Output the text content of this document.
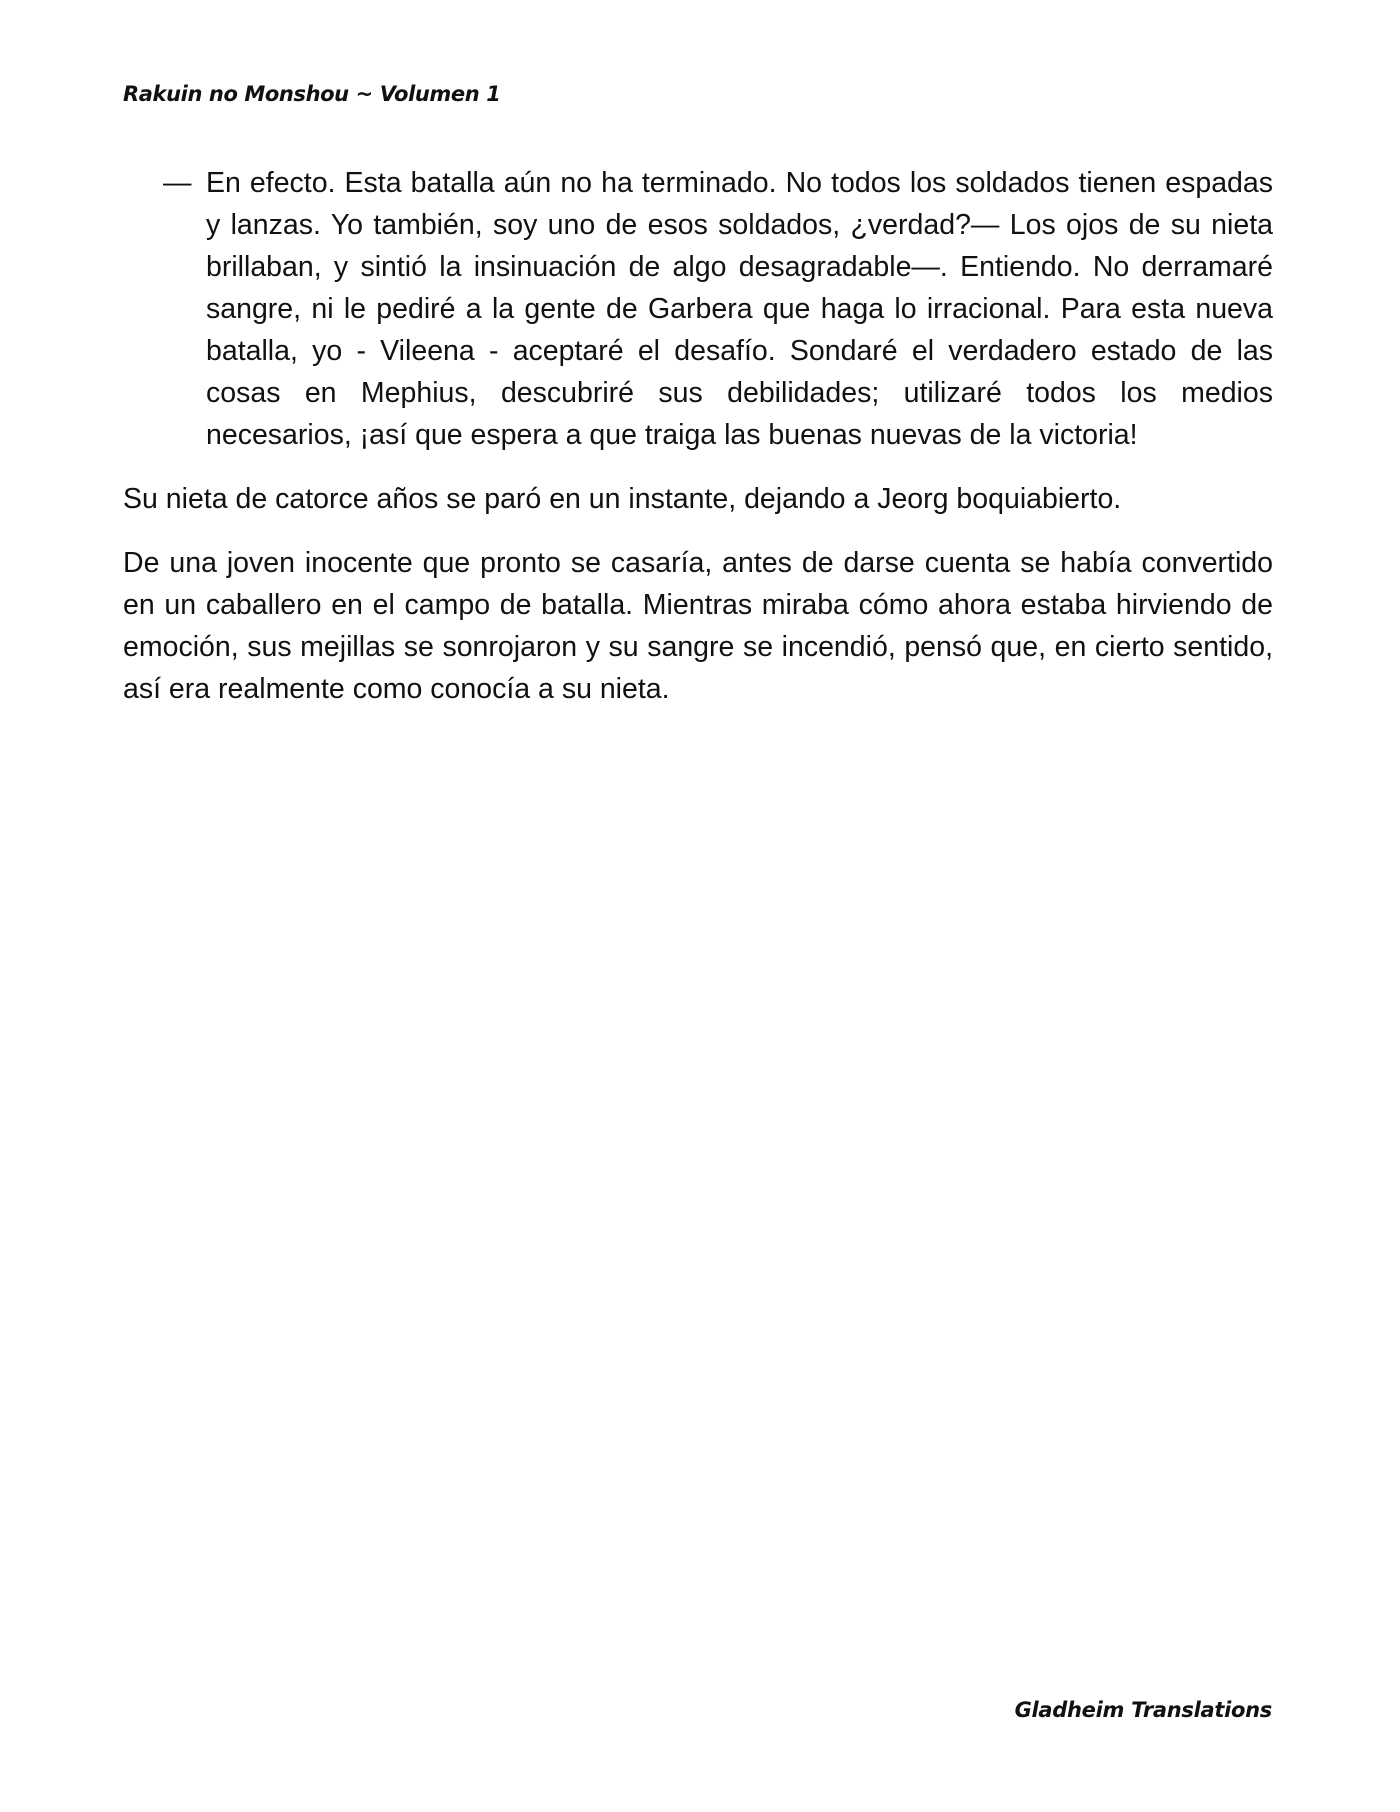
Rakuin no Monshou ~ Volumen 1

— En efecto. Esta batalla aún no ha terminado. No todos los soldados tienen espadas y lanzas. Yo también, soy uno de esos soldados, ¿verdad?— Los ojos de su nieta brillaban, y sintió la insinuación de algo desagradable—. Entiendo. No derramaré sangre, ni le pediré a la gente de Garbera que haga lo irracional. Para esta nueva batalla, yo - Vileena - aceptaré el desafío. Sondaré el verdadero estado de las cosas en Mephius, descubriré sus debilidades; utilizaré todos los medios necesarios, ¡así que espera a que traiga las buenas nuevas de la victoria!

Su nieta de catorce años se paró en un instante, dejando a Jeorg boquiabierto.

De una joven inocente que pronto se casaría, antes de darse cuenta se había convertido en un caballero en el campo de batalla. Mientras miraba cómo ahora estaba hirviendo de emoción, sus mejillas se sonrojaron y su sangre se incendió, pensó que, en cierto sentido, así era realmente como conocía a su nieta.

Gladheim Translations
